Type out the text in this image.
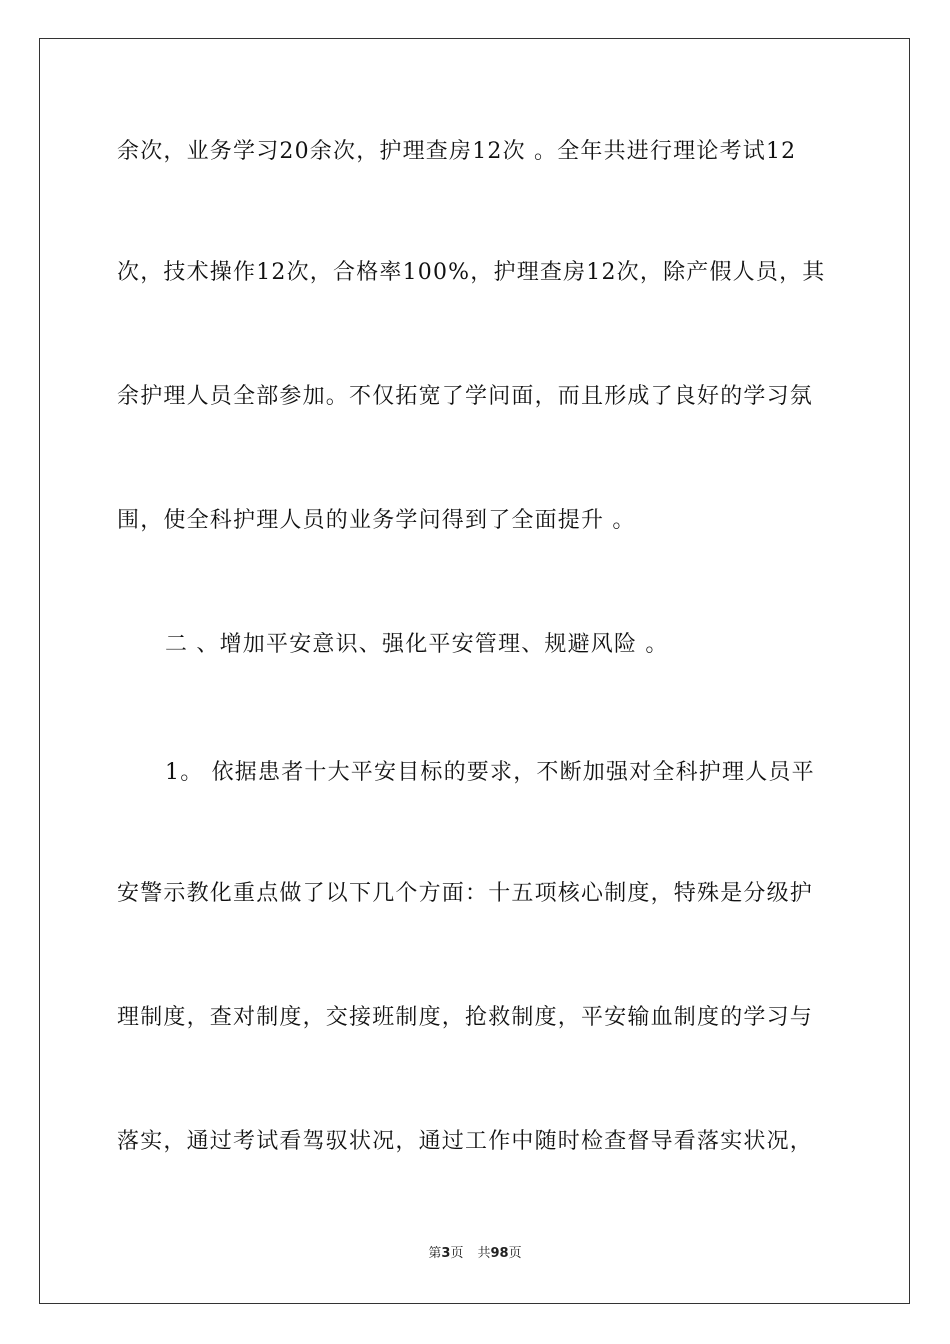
余次，业务学习20余次，护理查房12次 。全年共进行理论考试12
次，技术操作12次，合格率100%，护理查房12次，除产假人员，其
余护理人员全部参加。不仅拓宽了学问面，而且形成了良好的学习氛
围，使全科护理人员的业务学问得到了全面提升 。
二 、增加平安意识、强化平安管理、规避风险 。
1。 依据患者十大平安目标的要求，不断加强对全科护理人员平
安警示教化重点做了以下几个方面：十五项核心制度，特殊是分级护
理制度，查对制度，交接班制度，抢救制度，平安输血制度的学习与
落实，通过考试看驾驭状况，通过工作中随时检查督导看落实状况，
第3页 共98页
